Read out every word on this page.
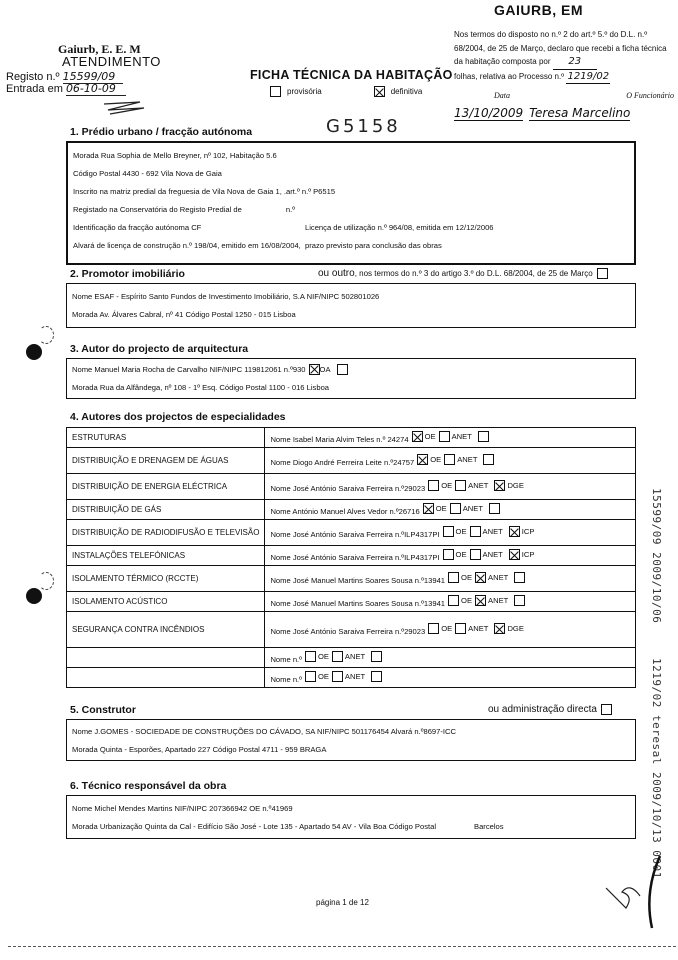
Gaiurb, E. E. M
ATENDIMENTO
Registo n.º 15599/09
Entrada em 06-10-09
FICHA TÉCNICA DA HABITAÇÃO
provisória	definitiva
G5158
GAIURB, EM
Nos termos do disposto no n.º 2 do art.º 5.º do D.L. n.º 68/2004, de 25 de Março, declaro que recebi a ficha técnica da habitação composta por 23
folhas, relativa ao Processo n.º 1219/02
Data	O Funcionário
13/10/2009 Teresa Marcelino
1. Prédio urbano / fracção autónoma
Morada Rua Sophia de Mello Breyner, nº 102, Habitação 5.6
Código Postal 4430 - 692 Vila Nova de Gaia
Inscrito na matriz predial da freguesia de Vila Nova de Gaia 1, .art.º n.º P6515
Registado na Conservatória do Registo Predial de	n.º
Identificação da fracção autónoma CF	Licença de utilização n.º 964/08, emitida em 12/12/2006
Alvará de licença de construção n.º 198/04, emitido em 16/08/2004, prazo previsto para conclusão das obras
2. Promotor imobiliário	ou outro, nos termos do n.º 3 do artigo 3.º do D.L. 68/2004, de 25 de Março
Nome ESAF - Espírito Santo Fundos de Investimento Imobiliário, S.A NIF/NIPC 502801026
Morada Av. Álvares Cabral, nº 41 Código Postal 1250 - 015 Lisboa
3. Autor do projecto de arquitectura
Nome Manuel Maria Rocha de Carvalho NIF/NIPC 119812061 n.º930 OA
Morada Rua da Alfândega, nº 108 - 1º Esq. Código Postal 1100 - 016 Lisboa
4. Autores dos projectos de especialidades
ESTRUTURAS	Nome Isabel Maria Alvim Teles n.º 24274 OE ANET

DISTRIBUIÇÃO E DRENAGEM DE ÁGUAS	Nome Diogo André Ferreira Leite n.º24757 OE ANET

DISTRIBUIÇÃO DE ENERGIA ELÉCTRICA	Nome José António Saraiva Ferreira n.º29023 OE ANET DGE

DISTRIBUIÇÃO DE GÁS	Nome António Manuel Alves Vedor n.º26716 OE ANET

DISTRIBUIÇÃO DE RADIODIFUSÃO E TELEVISÃO	Nome José António Saraiva Ferreira n.ºILP4317PI OE ANET ICP

INSTALAÇÕES TELEFÓNICAS	Nome José António Saraiva Ferreira n.ºILP4317PI OE ANET ICP

ISOLAMENTO TÉRMICO (RCCTE)	Nome José Manuel Martins Soares Sousa n.º13941 OE ANET

ISOLAMENTO ACÚSTICO	Nome José Manuel Martins Soares Sousa n.º13941 OE ANET

SEGURANÇA CONTRA INCÊNDIOS	Nome José António Saraiva Ferreira n.º29023 OE ANET DGE

	Nome n.º OE ANET

	Nome n.º OE ANET
5. Construtor	ou administração directa
Nome J.GOMES - SOCIEDADE DE CONSTRUÇÕES DO CÁVADO, SA NIF/NIPC 501176454 Alvará n.º8697-ICC
Morada Quinta - Esporões, Apartado 227 Código Postal 4711 - 959 BRAGA
6. Técnico responsável da obra
Nome Michel Mendes Martins NIF/NIPC 207366942 OE n.º41969
Morada Urbanização Quinta da Cal - Edifício São José - Lote 135 - Apartado 54 AV - Vila Boa Código Postal	Barcelos
15599/09 2009/10/06
1219/02 teresal 2009/10/13 0001
página 1 de 12
